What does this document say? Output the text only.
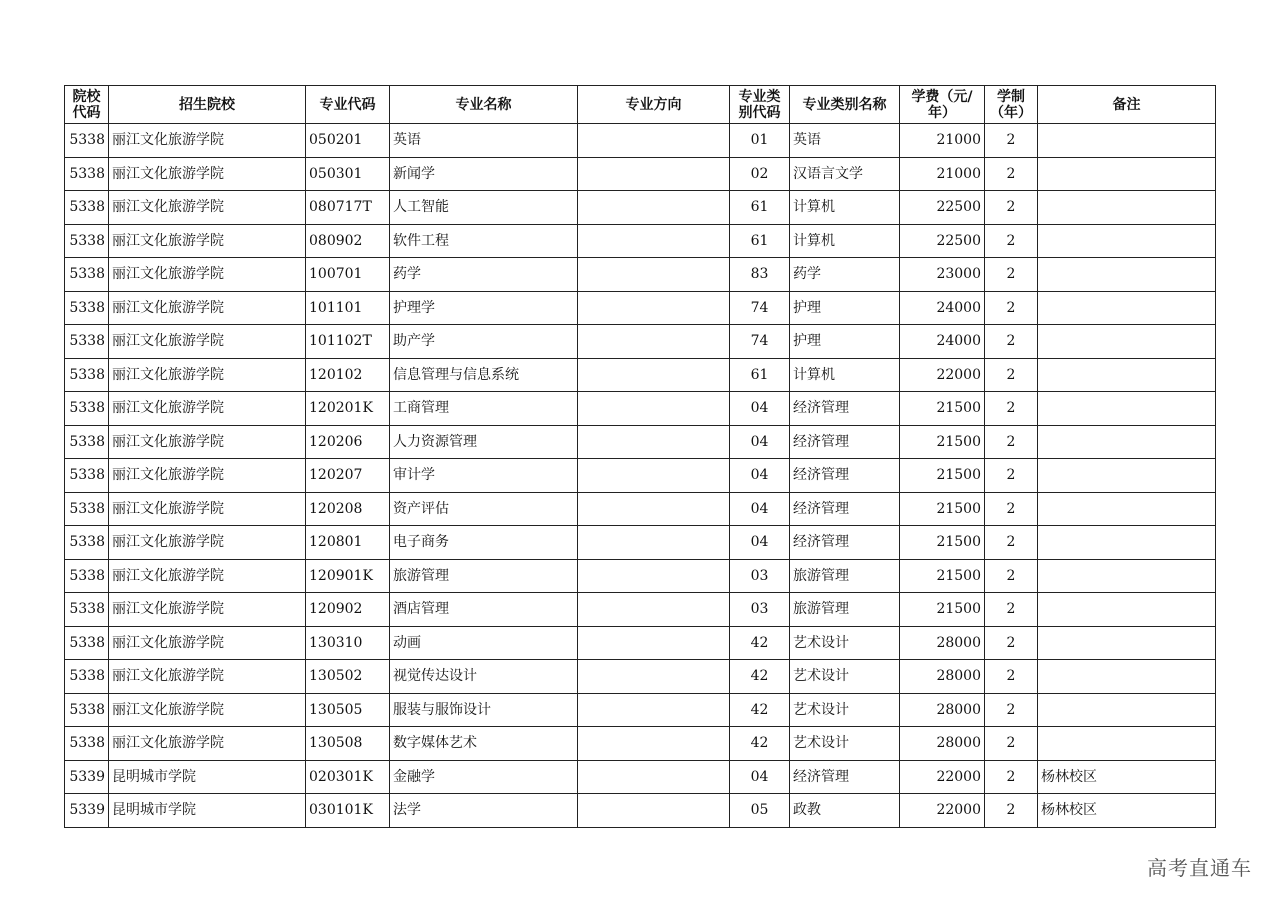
院校代码	招生院校	专业代码	专业名称	专业方向	专业类别代码	专业类别名称	学费（元/年）	学制（年）	备注
5338	丽江文化旅游学院	050201	英语		01	英语	21000	2	
5338	丽江文化旅游学院	050301	新闻学		02	汉语言文学	21000	2	
5338	丽江文化旅游学院	080717T	人工智能		61	计算机	22500	2	
5338	丽江文化旅游学院	080902	软件工程		61	计算机	22500	2	
5338	丽江文化旅游学院	100701	药学		83	药学	23000	2	
5338	丽江文化旅游学院	101101	护理学		74	护理	24000	2	
5338	丽江文化旅游学院	101102T	助产学		74	护理	24000	2	
5338	丽江文化旅游学院	120102	信息管理与信息系统		61	计算机	22000	2	
5338	丽江文化旅游学院	120201K	工商管理		04	经济管理	21500	2	
5338	丽江文化旅游学院	120206	人力资源管理		04	经济管理	21500	2	
5338	丽江文化旅游学院	120207	审计学		04	经济管理	21500	2	
5338	丽江文化旅游学院	120208	资产评估		04	经济管理	21500	2	
5338	丽江文化旅游学院	120801	电子商务		04	经济管理	21500	2	
5338	丽江文化旅游学院	120901K	旅游管理		03	旅游管理	21500	2	
5338	丽江文化旅游学院	120902	酒店管理		03	旅游管理	21500	2	
5338	丽江文化旅游学院	130310	动画		42	艺术设计	28000	2	
5338	丽江文化旅游学院	130502	视觉传达设计		42	艺术设计	28000	2	
5338	丽江文化旅游学院	130505	服装与服饰设计		42	艺术设计	28000	2	
5338	丽江文化旅游学院	130508	数字媒体艺术		42	艺术设计	28000	2	
5339	昆明城市学院	020301K	金融学		04	经济管理	22000	2	杨林校区
5339	昆明城市学院	030101K	法学		05	政教	22000	2	杨林校区
高考直通车
